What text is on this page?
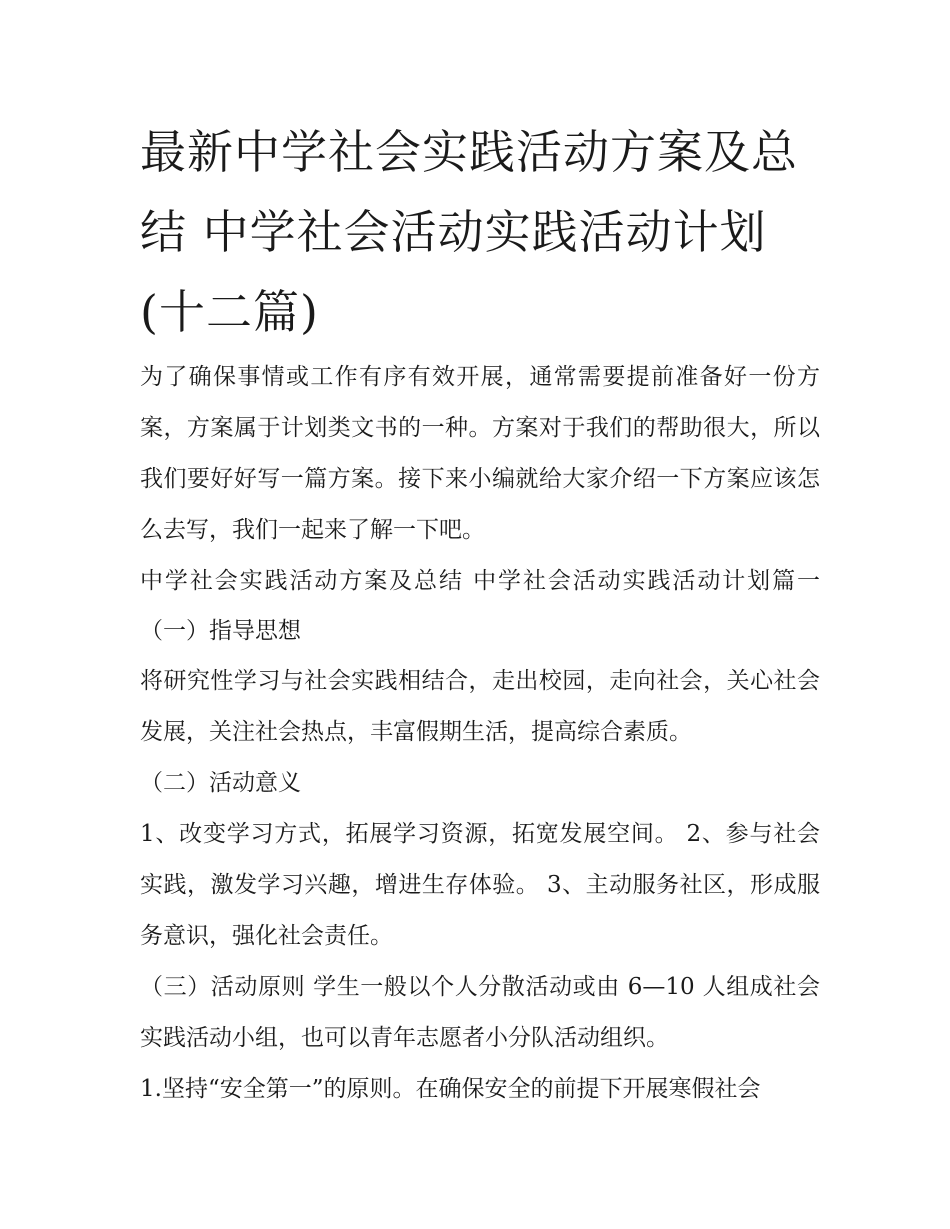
最新中学社会实践活动方案及总结 中学社会活动实践活动计划(十二篇)

为了确保事情或工作有序有效开展，通常需要提前准备好一份方案，方案属于计划类文书的一种。方案对于我们的帮助很大，所以我们要好好写一篇方案。接下来小编就给大家介绍一下方案应该怎么去写，我们一起来了解一下吧。

中学社会实践活动方案及总结 中学社会活动实践活动计划篇一 （一）指导思想

将研究性学习与社会实践相结合，走出校园，走向社会，关心社会发展，关注社会热点，丰富假期生活，提高综合素质。

（二）活动意义

1、改变学习方式，拓展学习资源，拓宽发展空间。 2、参与社会实践，激发学习兴趣，增进生存体验。 3、主动服务社区，形成服务意识，强化社会责任。

（三）活动原则 学生一般以个人分散活动或由 6—10 人组成社会实践活动小组，也可以青年志愿者小分队活动组织。

1.坚持“安全第一”的原则。在确保安全的前提下开展寒假社会
